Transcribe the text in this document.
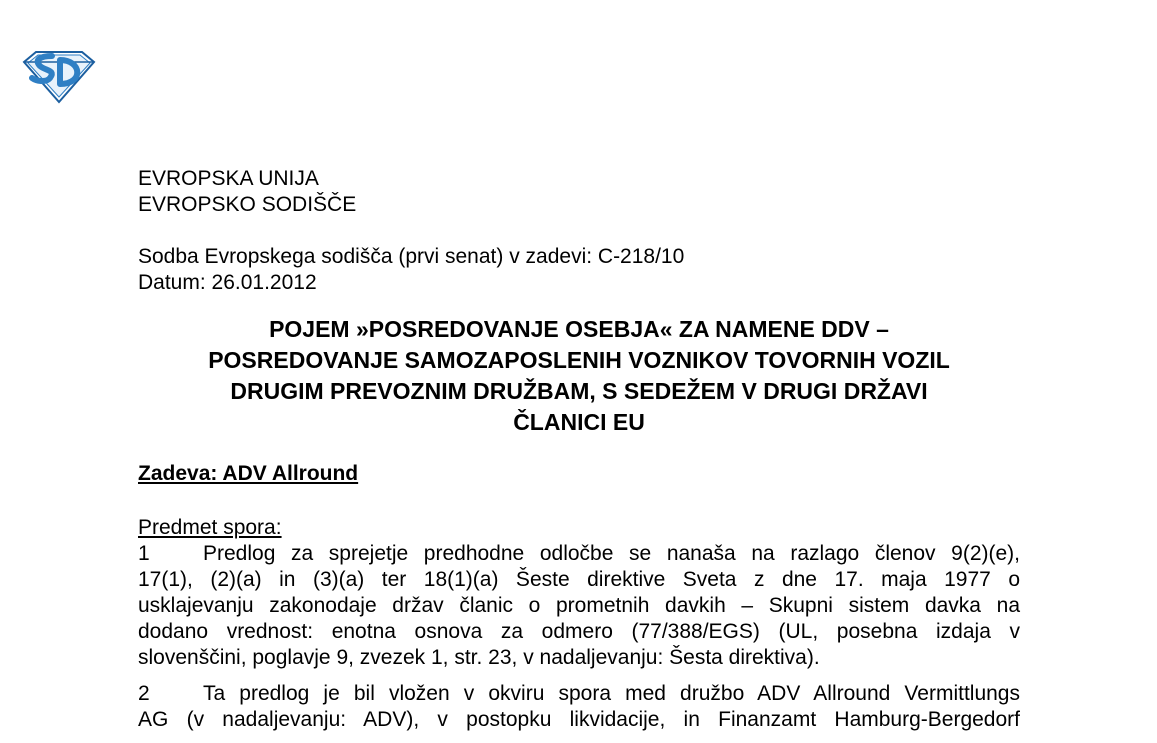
EVROPSKA UNIJA
EVROPSKO SODIŠČE
Sodba Evropskega sodišča (prvi senat) v zadevi: C-218/10
Datum: 26.01.2012
POJEM »POSREDOVANJE OSEBJA« ZA NAMENE DDV –
POSREDOVANJE SAMOZAPOSLENIH VOZNIKOV TOVORNIH VOZIL
DRUGIM PREVOZNIM DRUŽBAM, S SEDEŽEM V DRUGI DRŽAVI
ČLANICI EU
Zadeva: ADV Allround
Predmet spora:
1	Predlog za sprejetje predhodne odločbe se nanaša na razlago členov 9(2)(e),
17(1), (2)(a) in (3)(a) ter 18(1)(a) Šeste direktive Sveta z dne 17. maja 1977 o
usklajevanju zakonodaje držav članic o prometnih davkih – Skupni sistem davka na
dodano vrednost: enotna osnova za odmero (77/388/EGS) (UL, posebna izdaja v
slovenščini, poglavje 9, zvezek 1, str. 23, v nadaljevanju: Šesta direktiva).
2	Ta predlog je bil vložen v okviru spora med družbo ADV Allround Vermittlungs
AG (v nadaljevanju: ADV), v postopku likvidacije, in Finanzamt Hamburg-Bergedorf
